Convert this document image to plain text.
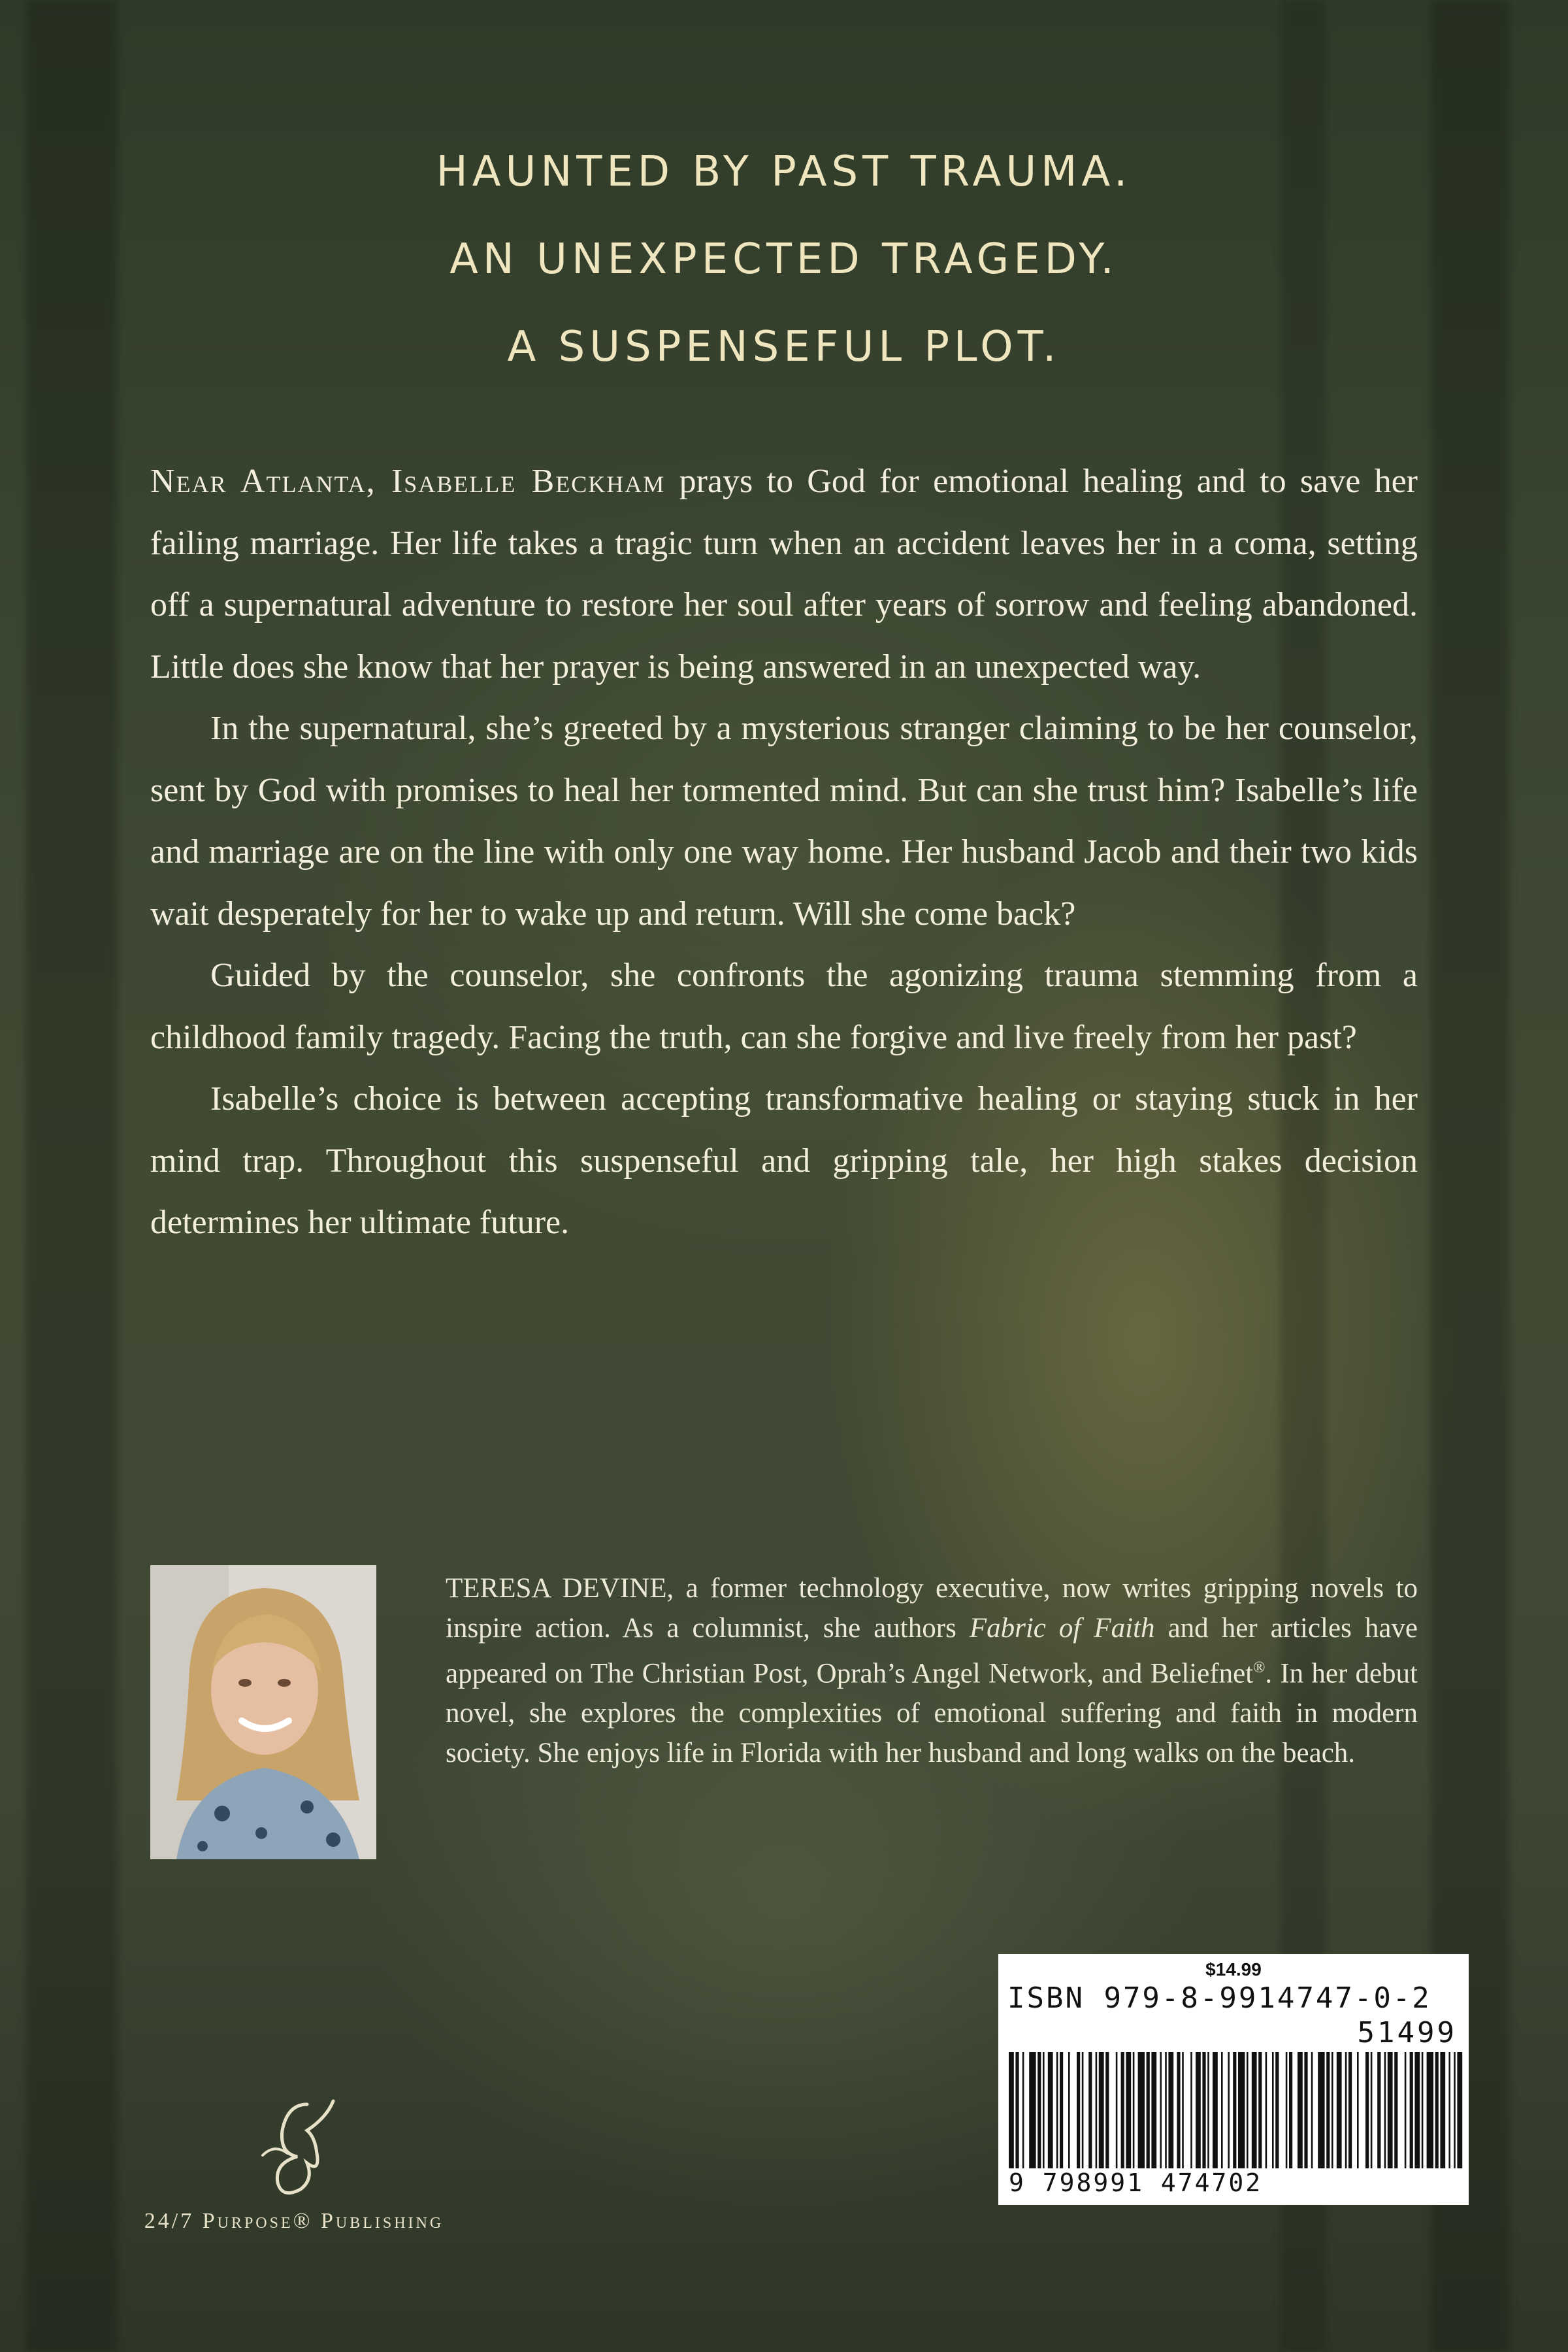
HAUNTED BY PAST TRAUMA.
AN UNEXPECTED TRAGEDY.
A SUSPENSEFUL PLOT.

Near Atlanta, Isabelle Beckham prays to God for emotional healing and to save her failing marriage. Her life takes a tragic turn when an accident leaves her in a coma, setting off a supernatural adventure to restore her soul after years of sorrow and feeling abandoned. Little does she know that her prayer is being answered in an unexpected way.

In the supernatural, she’s greeted by a mysterious stranger claiming to be her counselor, sent by God with promises to heal her tormented mind. But can she trust him? Isabelle’s life and marriage are on the line with only one way home. Her husband Jacob and their two kids wait desperately for her to wake up and return. Will she come back?

Guided by the counselor, she confronts the agonizing trauma stemming from a childhood family tragedy. Facing the truth, can she forgive and live freely from her past?

Isabelle’s choice is between accepting transformative healing or staying stuck in her mind trap. Throughout this suspenseful and gripping tale, her high stakes decision determines her ultimate future.

TERESA DEVINE, a former technology executive, now writes gripping novels to inspire action. As a columnist, she authors Fabric of Faith and her articles have appeared on The Christian Post, Oprah’s Angel Network, and Beliefnet®. In her debut novel, she explores the complexities of emotional suffering and faith in modern society. She enjoys life in Florida with her husband and long walks on the beach.
$14.99
ISBN 979-8-9914747-0-2
51499
9 798991 474702
24/7 Purpose® Publishing
